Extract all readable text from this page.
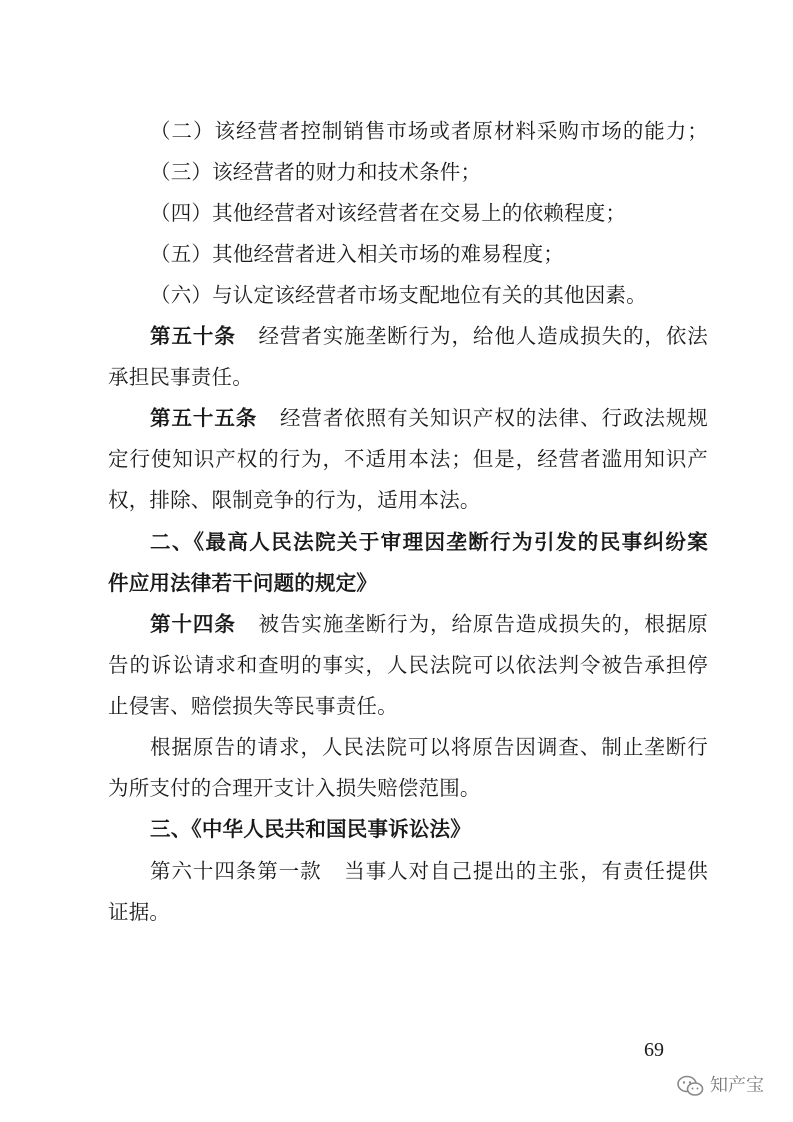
（二）该经营者控制销售市场或者原材料采购市场的能力；
（三）该经营者的财力和技术条件；
（四）其他经营者对该经营者在交易上的依赖程度；
（五）其他经营者进入相关市场的难易程度；
（六）与认定该经营者市场支配地位有关的其他因素。
第五十条 经营者实施垄断行为，给他人造成损失的，依法
承担民事责任。
第五十五条 经营者依照有关知识产权的法律、行政法规规
定行使知识产权的行为，不适用本法；但是，经营者滥用知识产
权，排除、限制竞争的行为，适用本法。
二、《最高人民法院关于审理因垄断行为引发的民事纠纷案
件应用法律若干问题的规定》
第十四条 被告实施垄断行为，给原告造成损失的，根据原
告的诉讼请求和查明的事实，人民法院可以依法判令被告承担停
止侵害、赔偿损失等民事责任。
根据原告的请求，人民法院可以将原告因调查、制止垄断行
为所支付的合理开支计入损失赔偿范围。
三、《中华人民共和国民事诉讼法》
第六十四条第一款 当事人对自己提出的主张，有责任提供
证据。
69
知产宝
